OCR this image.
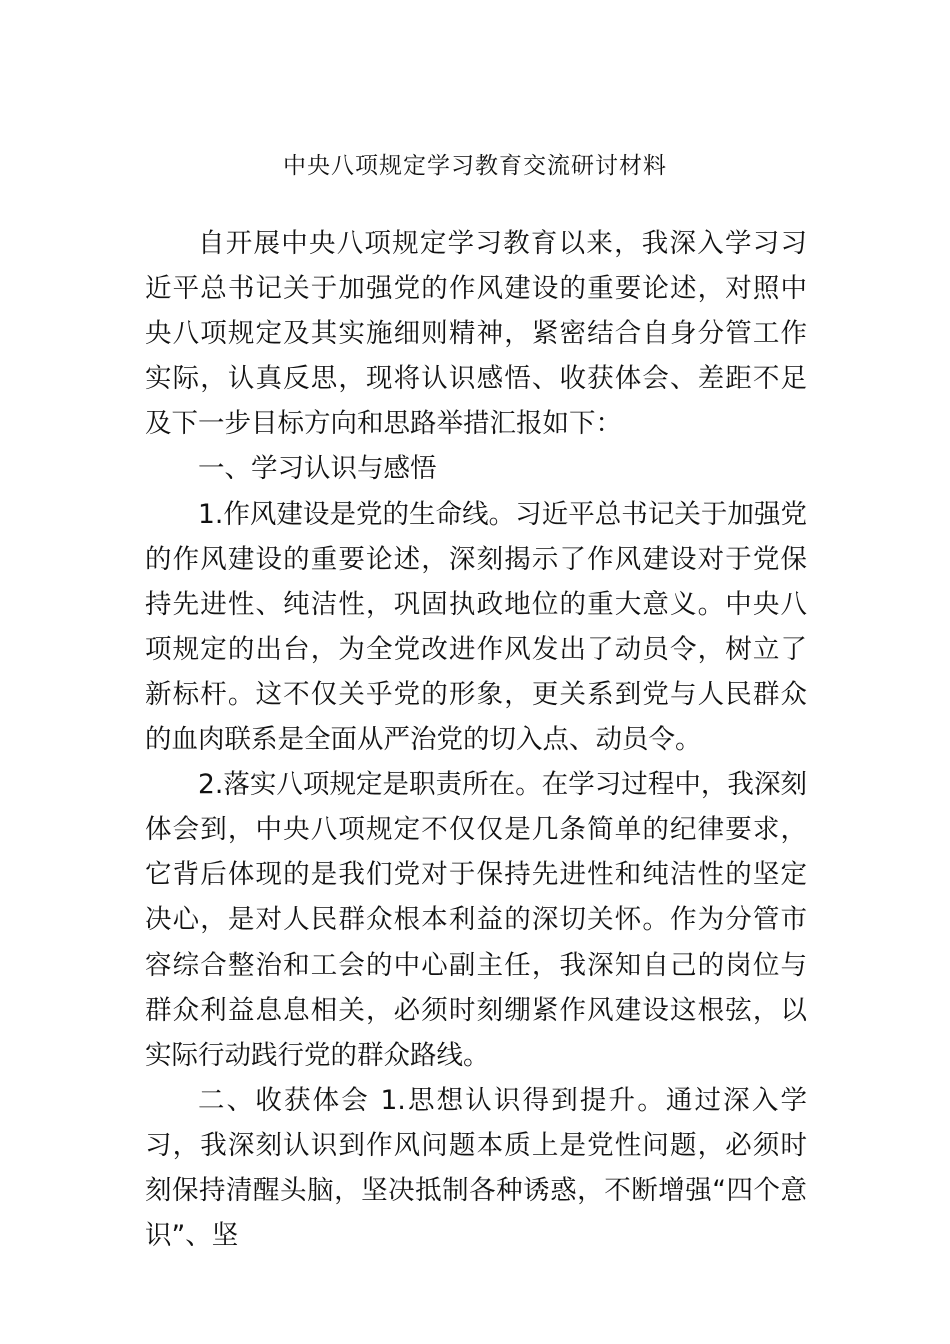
中央八项规定学习教育交流研讨材料

自开展中央八项规定学习教育以来，我深入学习习近平总书记关于加强党的作风建设的重要论述，对照中央八项规定及其实施细则精神，紧密结合自身分管工作实际，认真反思，现将认识感悟、收获体会、差距不足及下一步目标方向和思路举措汇报如下：

一、学习认识与感悟

1.作风建设是党的生命线。习近平总书记关于加强党的作风建设的重要论述，深刻揭示了作风建设对于党保持先进性、纯洁性，巩固执政地位的重大意义。中央八项规定的出台，为全党改进作风发出了动员令，树立了新标杆。这不仅关乎党的形象，更关系到党与人民群众的血肉联系是全面从严治党的切入点、动员令。

2.落实八项规定是职责所在。在学习过程中，我深刻体会到，中央八项规定不仅仅是几条简单的纪律要求，它背后体现的是我们党对于保持先进性和纯洁性的坚定决心，是对人民群众根本利益的深切关怀。作为分管市容综合整治和工会的中心副主任，我深知自己的岗位与群众利益息息相关，必须时刻绷紧作风建设这根弦，以实际行动践行党的群众路线。

二、收获体会 1.思想认识得到提升。通过深入学习，我深刻认识到作风问题本质上是党性问题，必须时刻保持清醒头脑，坚决抵制各种诱惑，不断增强“四个意识”、坚
